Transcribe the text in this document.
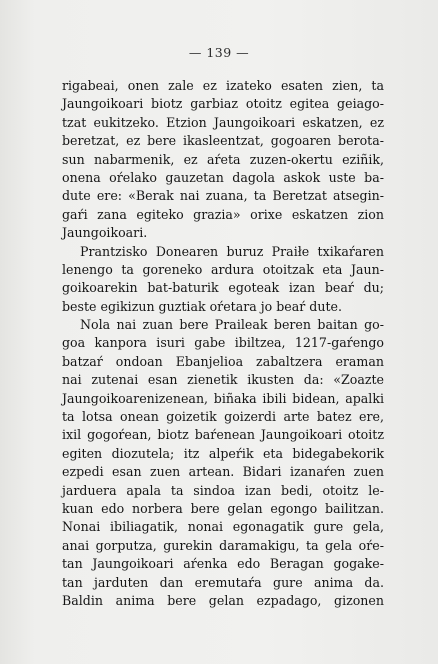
— 139 —
rigabeai, onen zale ez izateko esaten zien, ta
Jaungoikoari biotz garbiaz otoitz egitea geiago-
tzat eukitzeko. Etzion Jaungoikoari eskatzen, ez
beretzat, ez bere ikasleentzat, gogoaren berota-
sun nabarmenik, ez aŕeta zuzen-okertu eziñik,
onena oŕelako gauzetan dagola askok uste ba-
dute ere: «Berak nai zuana, ta Beretzat atsegin-
gaŕi zana egiteko grazia» orixe eskatzen zion
Jaungoikoari.
Prantzisko Donearen buruz Praiłe txikaŕaren
lenengo ta goreneko ardura otoitzak eta Jaun-
goikoarekin bat-baturik egoteak izan beaŕ du;
beste egikizun guztiak oŕetara jo beaŕ dute.
Nola nai zuan bere Praileak beren baitan go-
goa kanpora isuri gabe ibiltzea, 1217-gaŕengo
batzaŕ ondoan Ebanjelioa zabaltzera eraman
nai zutenai esan zienetik ikusten da: «Zoazte
Jaungoikoarenizenean, biñaka ibili bidean, apalki
ta lotsa onean goizetik goizerdi arte batez ere,
ixil gogoŕean, biotz baŕenean Jaungoikoari otoitz
egiten diozutela; itz alpeŕik eta bidegabekorik
ezpedi esan zuen artean. Bidari izanaŕen zuen
jarduera apala ta sindoa izan bedi, otoitz le-
kuan edo norbera bere gelan egongo bailitzan.
Nonai ibiliagatik, nonai egonagatik gure gela,
anai gorputza, gurekin daramakigu, ta gela oŕe-
tan Jaungoikoari aŕenka edo Beragan gogake-
tan jarduten dan eremutaŕa gure anima da.
Baldin anima bere gelan ezpadago, gizonen
